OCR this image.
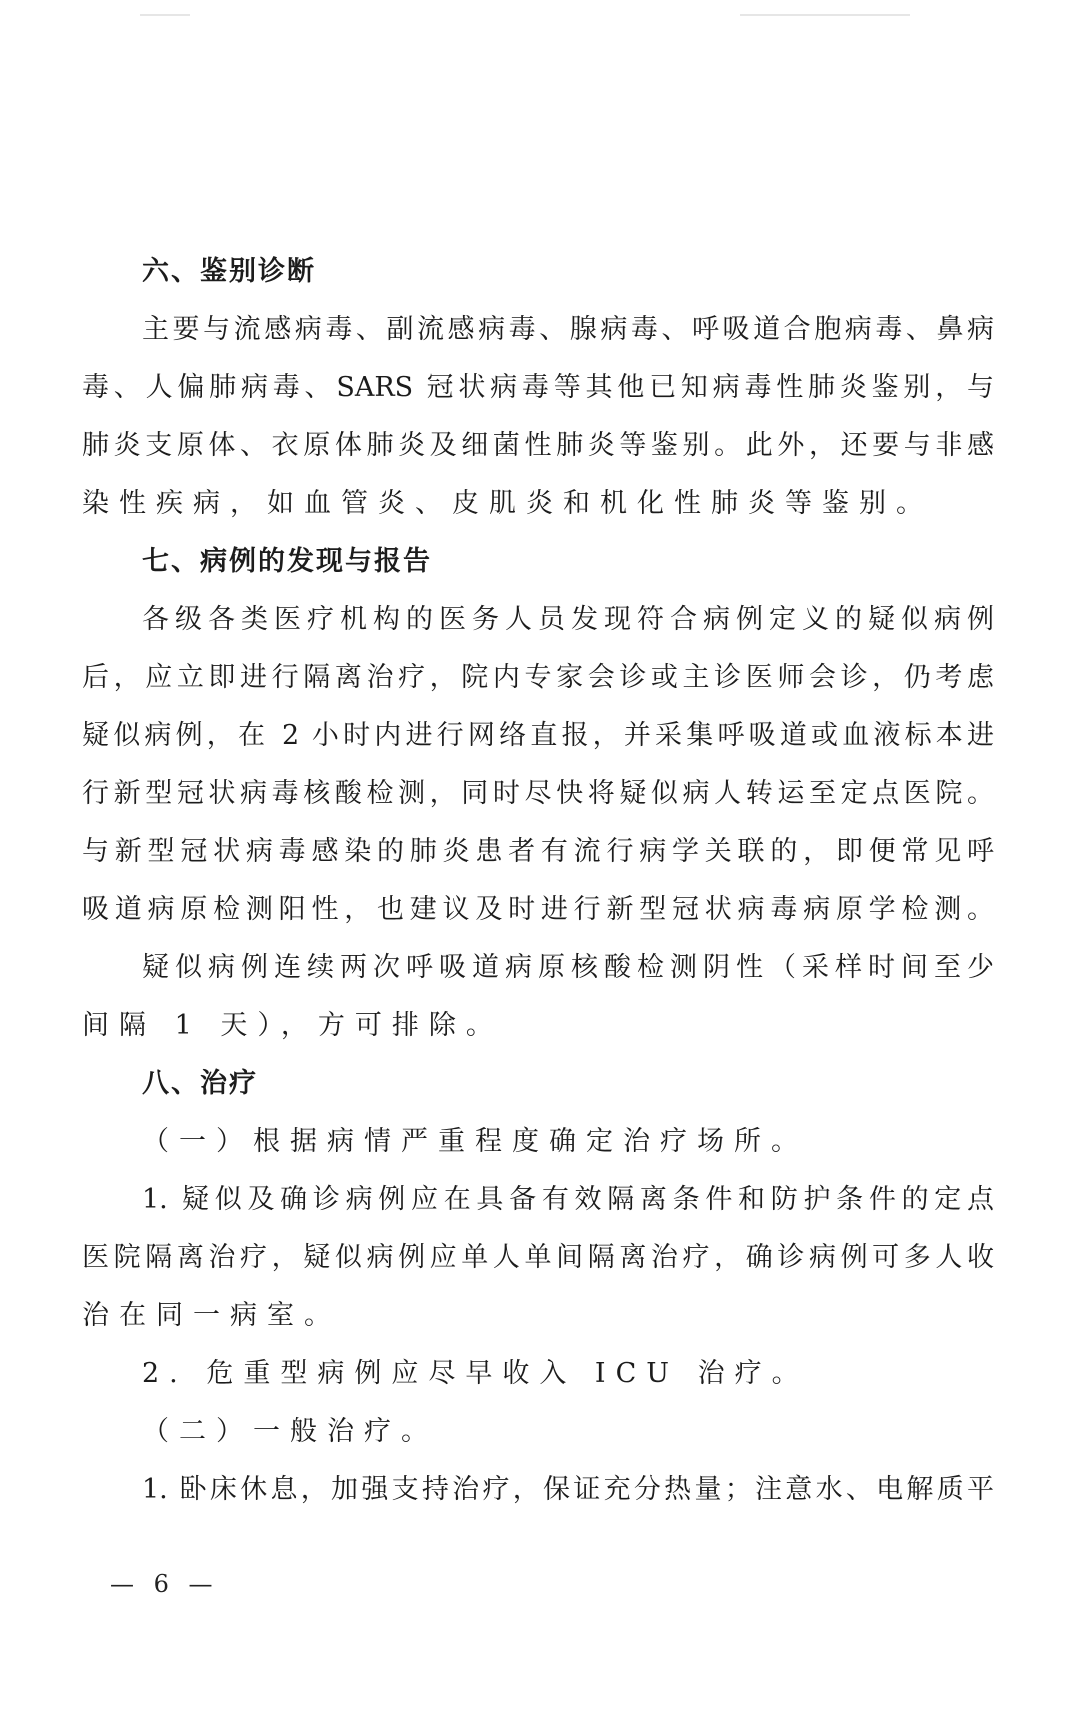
六、鉴别诊断
主要与流感病毒、副流感病毒、腺病毒、呼吸道合胞病毒、鼻病
毒、人偏肺病毒、SARS 冠状病毒等其他已知病毒性肺炎鉴别，与
肺炎支原体、衣原体肺炎及细菌性肺炎等鉴别。此外，还要与非感
染性疾病，如血管炎、皮肌炎和机化性肺炎等鉴别。
七、病例的发现与报告
各级各类医疗机构的医务人员发现符合病例定义的疑似病例
后，应立即进行隔离治疗，院内专家会诊或主诊医师会诊，仍考虑
疑似病例，在 2 小时内进行网络直报，并采集呼吸道或血液标本进
行新型冠状病毒核酸检测，同时尽快将疑似病人转运至定点医院。
与新型冠状病毒感染的肺炎患者有流行病学关联的，即便常见呼
吸道病原检测阳性，也建议及时进行新型冠状病毒病原学检测。
疑似病例连续两次呼吸道病原核酸检测阴性（采样时间至少
间隔 1 天），方可排除。
八、治疗
（一）根据病情严重程度确定治疗场所。
1. 疑似及确诊病例应在具备有效隔离条件和防护条件的定点
医院隔离治疗，疑似病例应单人单间隔离治疗，确诊病例可多人收
治在同一病室。
2. 危重型病例应尽早收入 ICU 治疗。
（二）一般治疗。
1. 卧床休息，加强支持治疗，保证充分热量；注意水、电解质平
— 6 —
